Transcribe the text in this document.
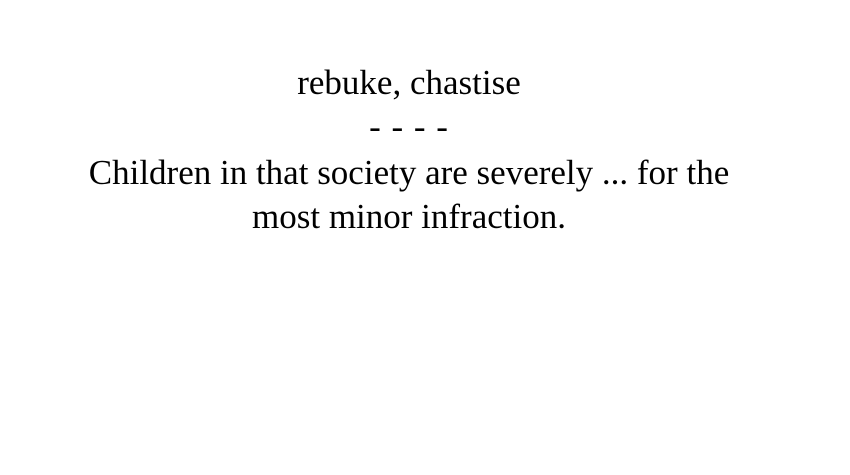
rebuke, chastise
- - - -
Children in that society are severely ... for the
most minor infraction.
